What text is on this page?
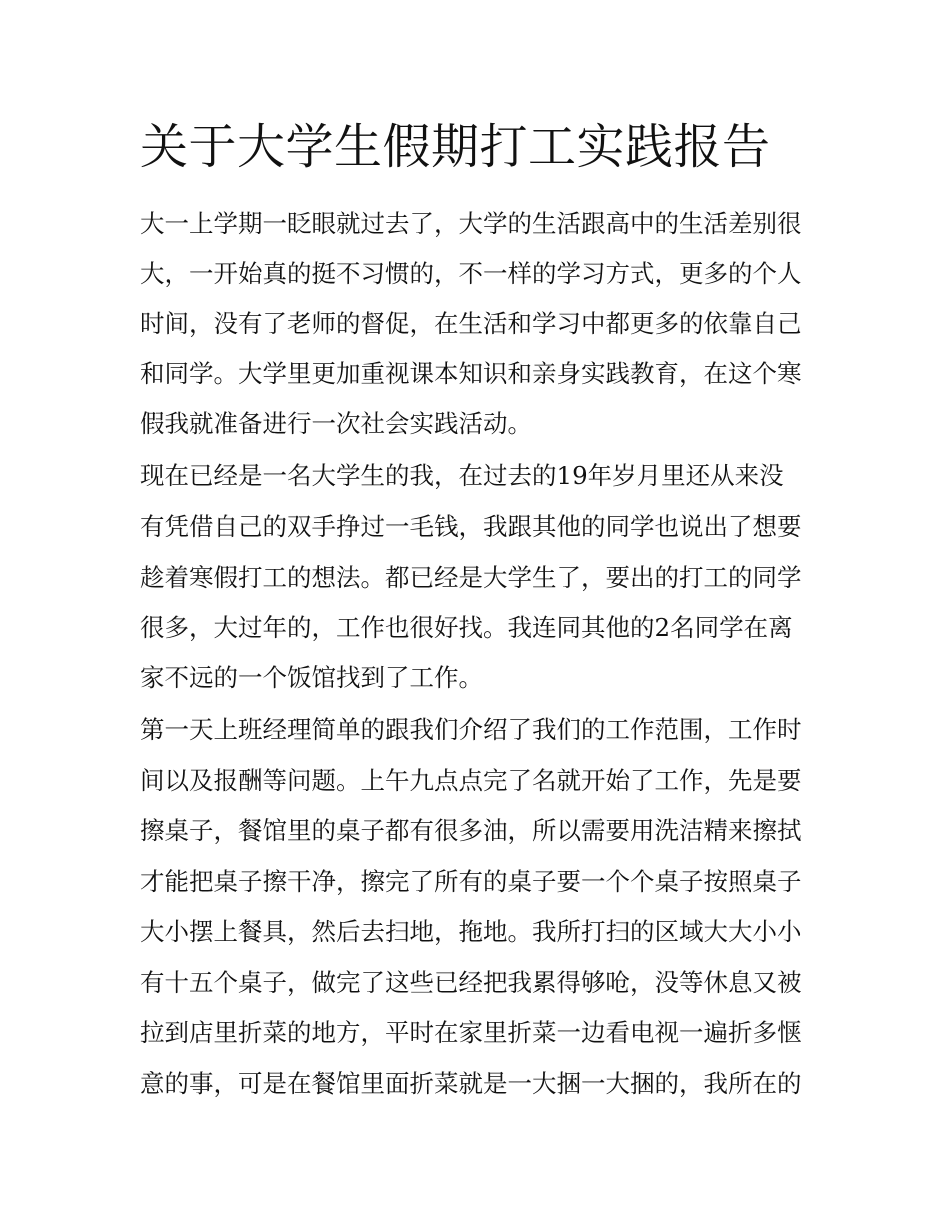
关于大学生假期打工实践报告

大一上学期一眨眼就过去了，大学的生活跟高中的生活差别很

大，一开始真的挺不习惯的，不一样的学习方式，更多的个人

时间，没有了老师的督促，在生活和学习中都更多的依靠自己

和同学。大学里更加重视课本知识和亲身实践教育，在这个寒

假我就准备进行一次社会实践活动。

现在已经是一名大学生的我，在过去的19年岁月里还从来没

有凭借自己的双手挣过一毛钱，我跟其他的同学也说出了想要

趁着寒假打工的想法。都已经是大学生了，要出的打工的同学

很多，大过年的，工作也很好找。我连同其他的2名同学在离

家不远的一个饭馆找到了工作。

第一天上班经理简单的跟我们介绍了我们的工作范围，工作时

间以及报酬等问题。上午九点点完了名就开始了工作，先是要

擦桌子，餐馆里的桌子都有很多油，所以需要用洗洁精来擦拭

才能把桌子擦干净，擦完了所有的桌子要一个个桌子按照桌子

大小摆上餐具，然后去扫地，拖地。我所打扫的区域大大小小

有十五个桌子，做完了这些已经把我累得够呛，没等休息又被

拉到店里折菜的地方，平时在家里折菜一边看电视一遍折多惬

意的事，可是在餐馆里面折菜就是一大捆一大捆的，我所在的
